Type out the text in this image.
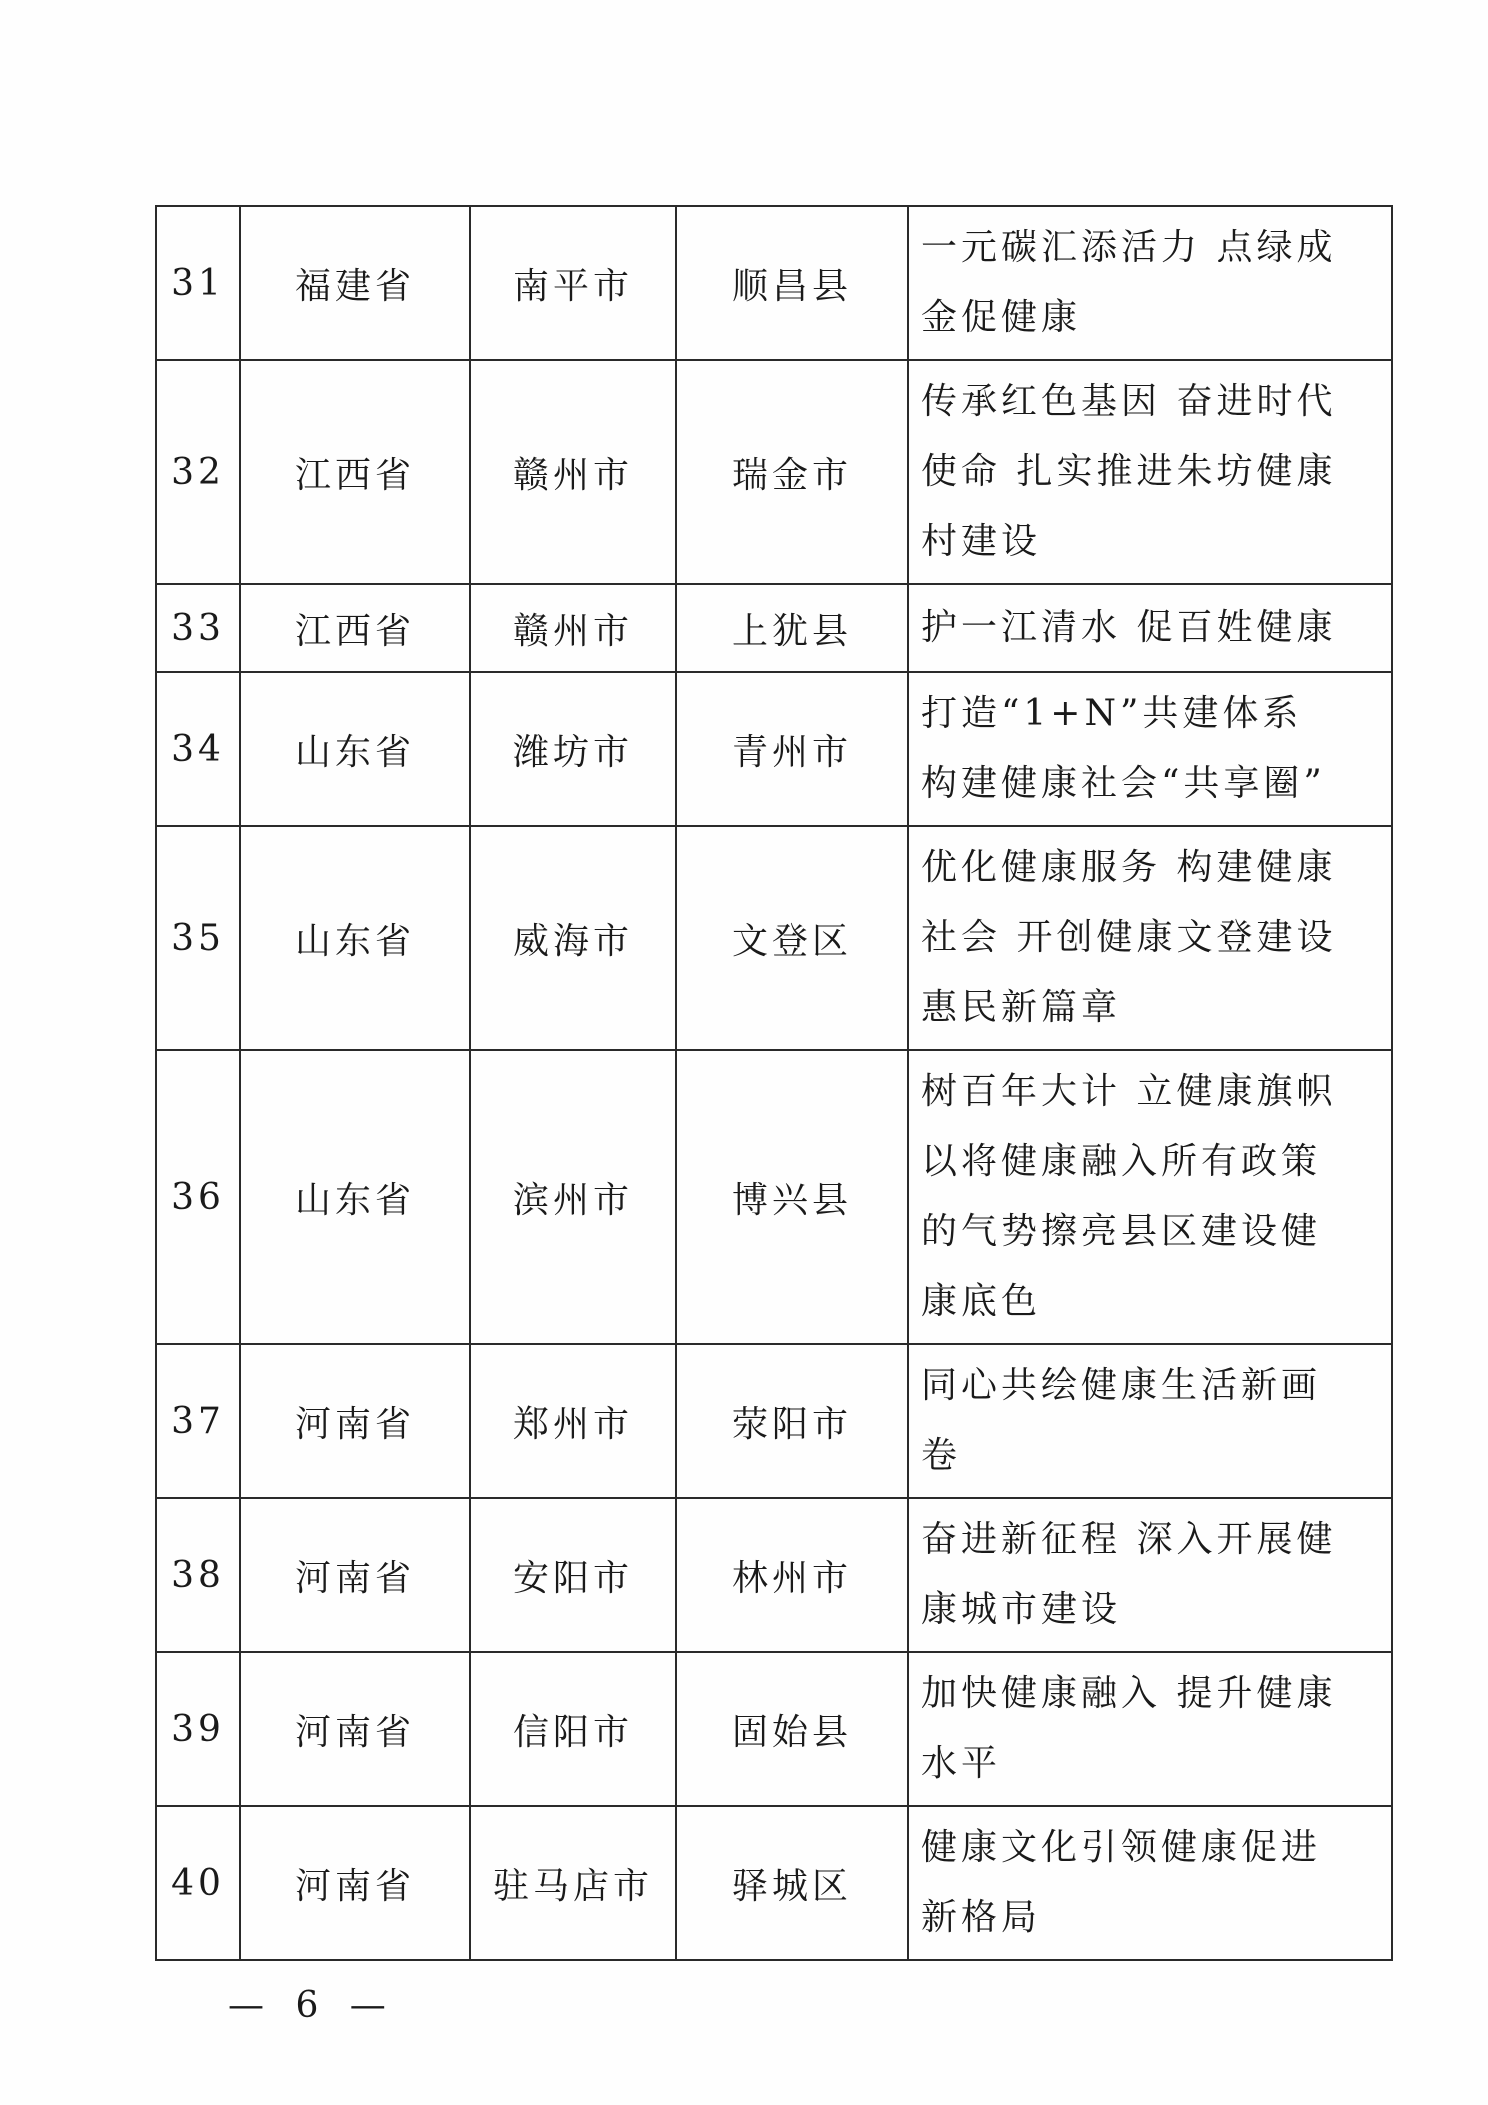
31	福建省	南平市	顺昌县	一元碳汇添活力 点绿成
金促健康
32	江西省	赣州市	瑞金市	传承红色基因 奋进时代
使命 扎实推进朱坊健康
村建设
33	江西省	赣州市	上犹县	护一江清水 促百姓健康
34	山东省	潍坊市	青州市	打造“1+N”共建体系
构建健康社会“共享圈”
35	山东省	威海市	文登区	优化健康服务 构建健康
社会 开创健康文登建设
惠民新篇章
36	山东省	滨州市	博兴县	树百年大计 立健康旗帜
以将健康融入所有政策
的气势擦亮县区建设健
康底色
37	河南省	郑州市	荥阳市	同心共绘健康生活新画
卷
38	河南省	安阳市	林州市	奋进新征程 深入开展健
康城市建设
39	河南省	信阳市	固始县	加快健康融入 提升健康
水平
40	河南省	驻马店市	驿城区	健康文化引领健康促进
新格局
— 6 —
